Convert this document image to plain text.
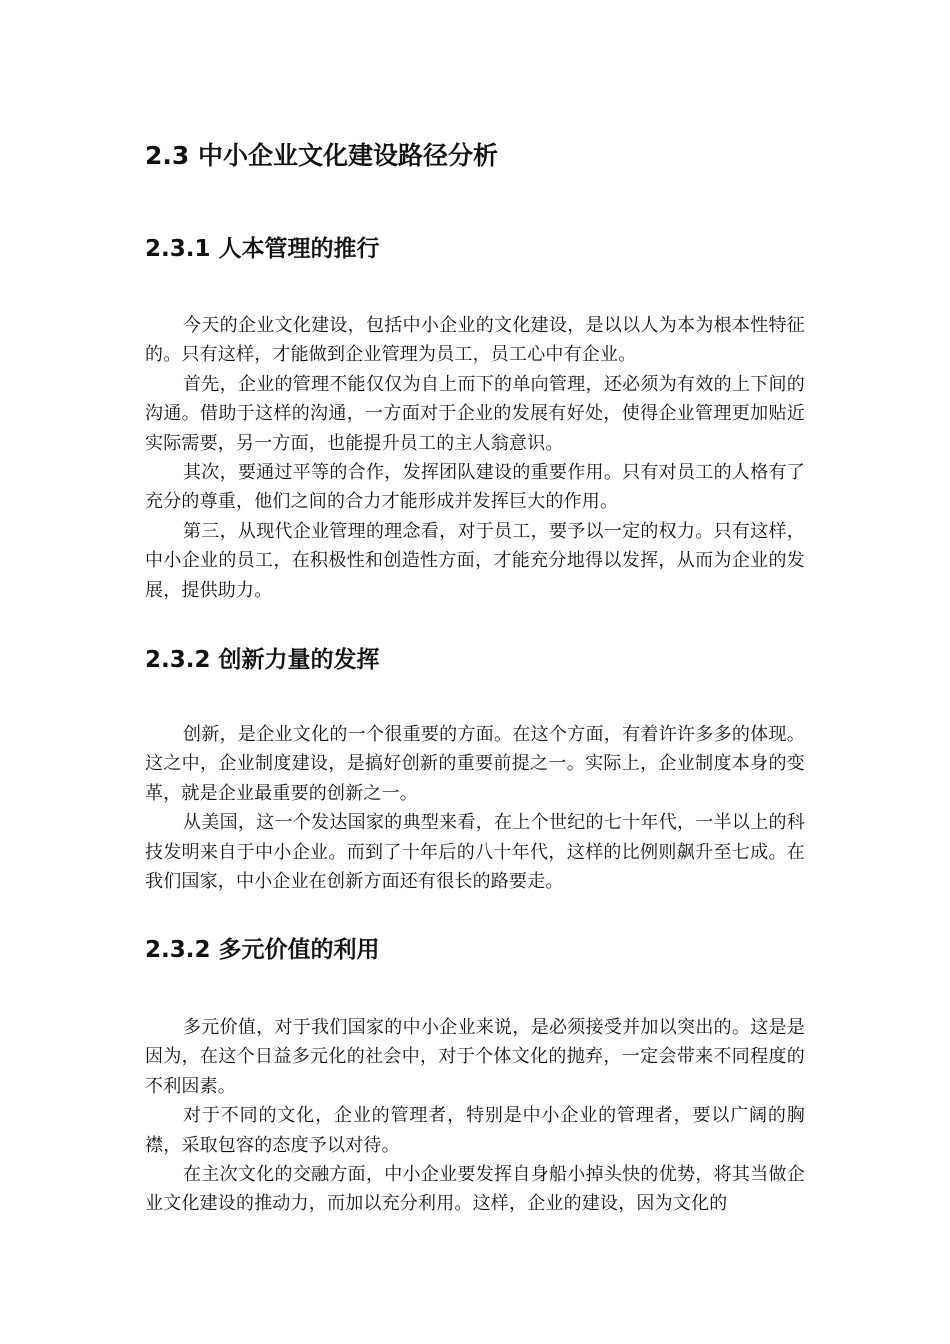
2.3 中小企业文化建设路径分析
2.3.1 人本管理的推行

今天的企业文化建设，包括中小企业的文化建设，是以以人为本为根本性特征的。只有这样，才能做到企业管理为员工，员工心中有企业。

首先，企业的管理不能仅仅为自上而下的单向管理，还必须为有效的上下间的沟通。借助于这样的沟通，一方面对于企业的发展有好处，使得企业管理更加贴近实际需要，另一方面，也能提升员工的主人翁意识。

其次，要通过平等的合作，发挥团队建设的重要作用。只有对员工的人格有了充分的尊重，他们之间的合力才能形成并发挥巨大的作用。

第三，从现代企业管理的理念看，对于员工，要予以一定的权力。只有这样，中小企业的员工，在积极性和创造性方面，才能充分地得以发挥，从而为企业的发展，提供助力。

2.3.2 创新力量的发挥

创新，是企业文化的一个很重要的方面。在这个方面，有着许许多多的体现。这之中，企业制度建设，是搞好创新的重要前提之一。实际上，企业制度本身的变革，就是企业最重要的创新之一。

从美国，这一个发达国家的典型来看，在上个世纪的七十年代，一半以上的科技发明来自于中小企业。而到了十年后的八十年代，这样的比例则飙升至七成。在我们国家，中小企业在创新方面还有很长的路要走。

2.3.2 多元价值的利用

多元价值，对于我们国家的中小企业来说，是必须接受并加以突出的。这是是因为，在这个日益多元化的社会中，对于个体文化的抛弃，一定会带来不同程度的不利因素。

对于不同的文化，企业的管理者，特别是中小企业的管理者，要以广阔的胸襟，采取包容的态度予以对待。

在主次文化的交融方面，中小企业要发挥自身船小掉头快的优势，将其当做企业文化建设的推动力，而加以充分利用。这样，企业的建设，因为文化的
